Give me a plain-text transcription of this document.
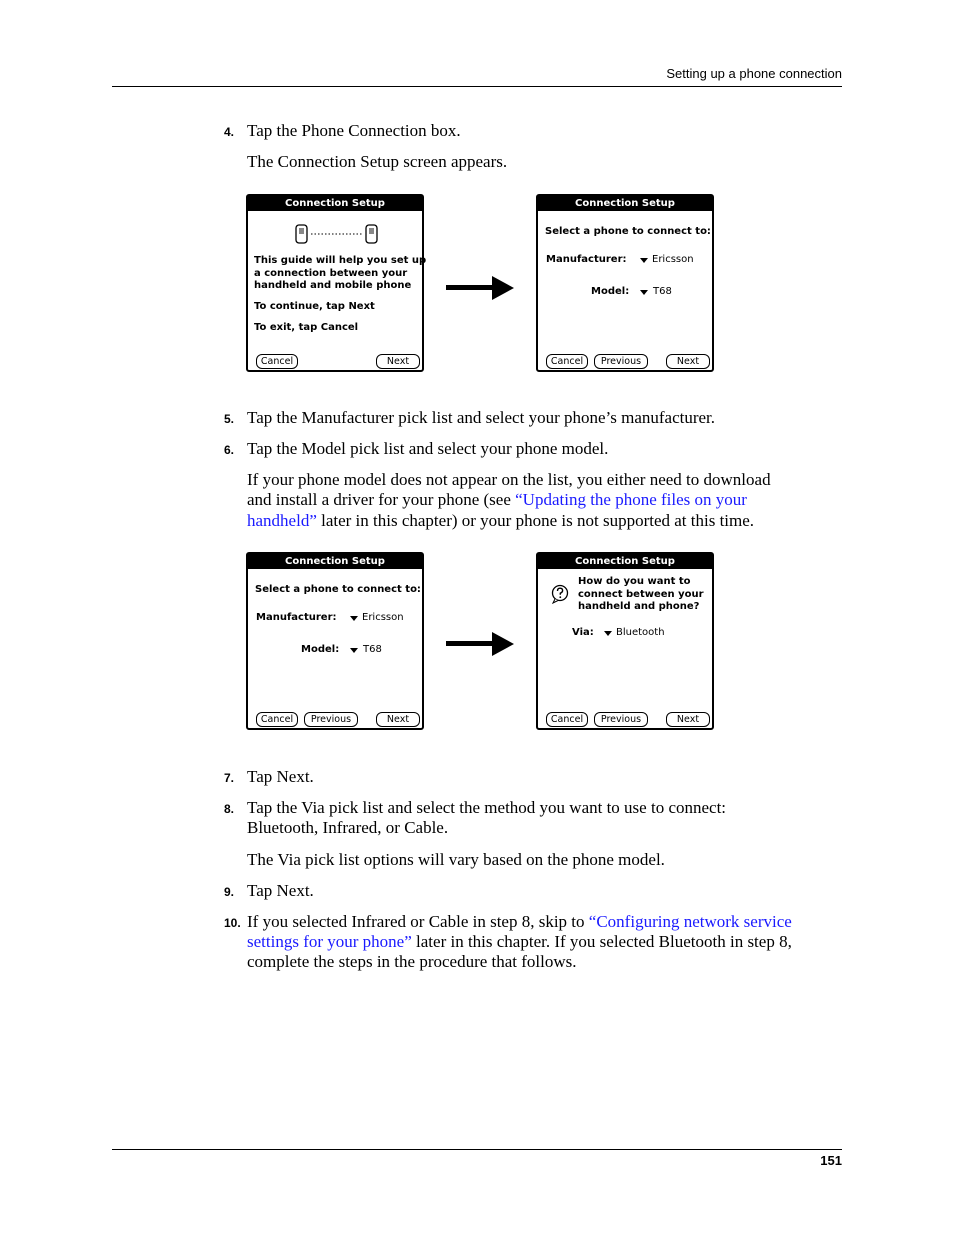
Setting up a phone connection
4. Tap the Phone Connection box.
The Connection Setup screen appears.
Connection Setup
This guide will help you set up
a connection between your
handheld and mobile phone
To continue, tap Next
To exit, tap Cancel
Cancel	Next
Connection Setup
Select a phone to connect to:
Manufacturer:	Ericsson
Model: T68
Cancel	Previous	Next
5. Tap the Manufacturer pick list and select your phone’s manufacturer.
6. Tap the Model pick list and select your phone model.
If your phone model does not appear on the list, you either need to download
and install a driver for your phone (see “Updating the phone files on your
handheld” later in this chapter) or your phone is not supported at this time.
Connection Setup
Select a phone to connect to:
Manufacturer:	Ericsson
Model: T68
Cancel	Previous	Next
Connection Setup
How do you want to
connect between your
handheld and phone?
Via: Bluetooth
Cancel	Previous	Next
7. Tap Next.
8. Tap the Via pick list and select the method you want to use to connect:
Bluetooth, Infrared, or Cable.
The Via pick list options will vary based on the phone model.
9. Tap Next.
10. If you selected Infrared or Cable in step 8, skip to “Configuring network service
settings for your phone” later in this chapter. If you selected Bluetooth in step 8,
complete the steps in the procedure that follows.
151
